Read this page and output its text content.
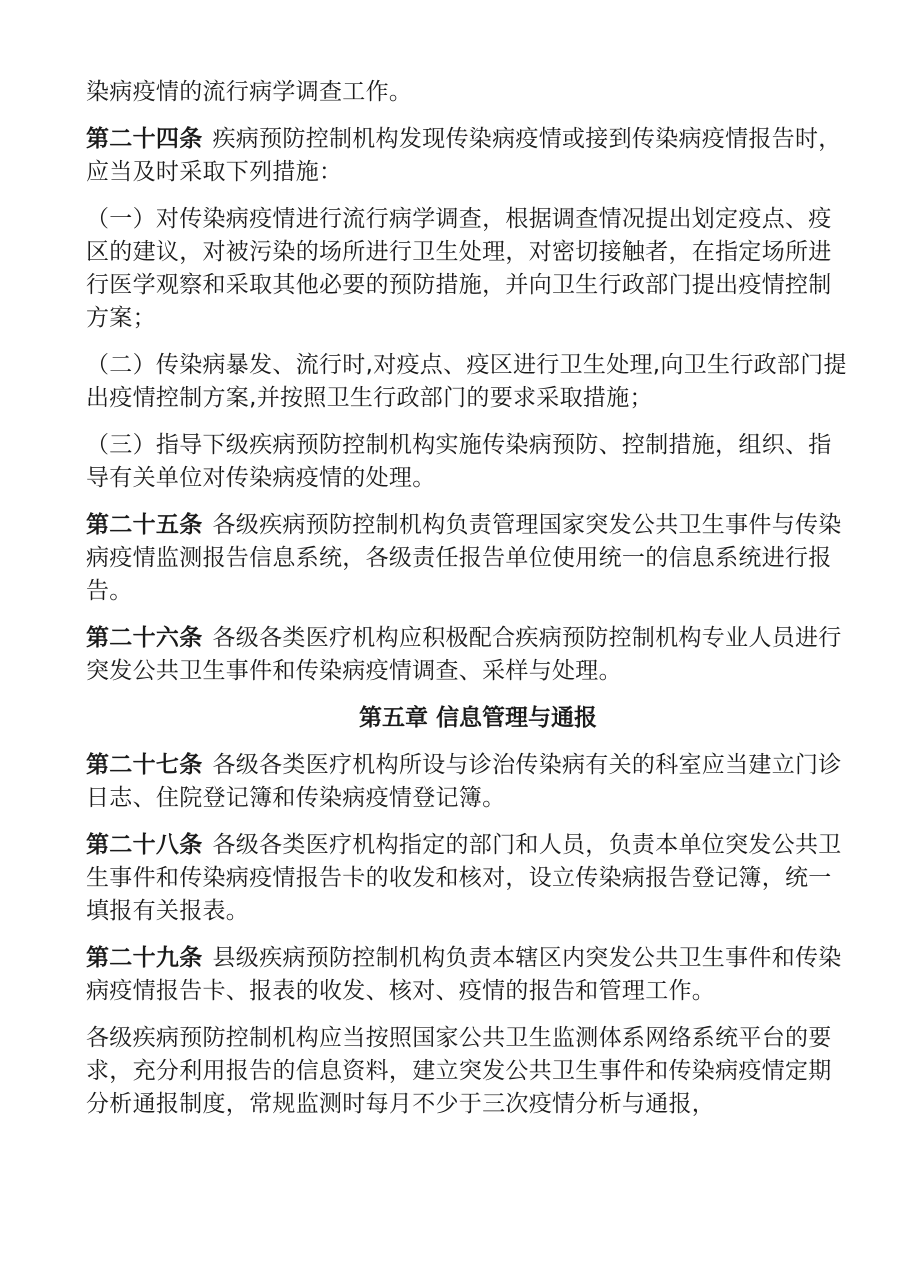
染病疫情的流行病学调查工作。

第二十四条 疾病预防控制机构发现传染病疫情或接到传染病疫情报告时，应当及时采取下列措施：

（一）对传染病疫情进行流行病学调查，根据调查情况提出划定疫点、疫区的建议，对被污染的场所进行卫生处理，对密切接触者，在指定场所进行医学观察和采取其他必要的预防措施，并向卫生行政部门提出疫情控制方案；

（二）传染病暴发、流行时,对疫点、疫区进行卫生处理,向卫生行政部门提出疫情控制方案,并按照卫生行政部门的要求采取措施；

（三）指导下级疾病预防控制机构实施传染病预防、控制措施，组织、指导有关单位对传染病疫情的处理。

第二十五条 各级疾病预防控制机构负责管理国家突发公共卫生事件与传染病疫情监测报告信息系统，各级责任报告单位使用统一的信息系统进行报告。

第二十六条 各级各类医疗机构应积极配合疾病预防控制机构专业人员进行突发公共卫生事件和传染病疫情调查、采样与处理。

第五章 信息管理与通报

第二十七条 各级各类医疗机构所设与诊治传染病有关的科室应当建立门诊日志、住院登记簿和传染病疫情登记簿。

第二十八条 各级各类医疗机构指定的部门和人员，负责本单位突发公共卫生事件和传染病疫情报告卡的收发和核对，设立传染病报告登记簿，统一填报有关报表。

第二十九条 县级疾病预防控制机构负责本辖区内突发公共卫生事件和传染病疫情报告卡、报表的收发、核对、疫情的报告和管理工作。

各级疾病预防控制机构应当按照国家公共卫生监测体系网络系统平台的要求，充分利用报告的信息资料，建立突发公共卫生事件和传染病疫情定期分析通报制度，常规监测时每月不少于三次疫情分析与通报，
